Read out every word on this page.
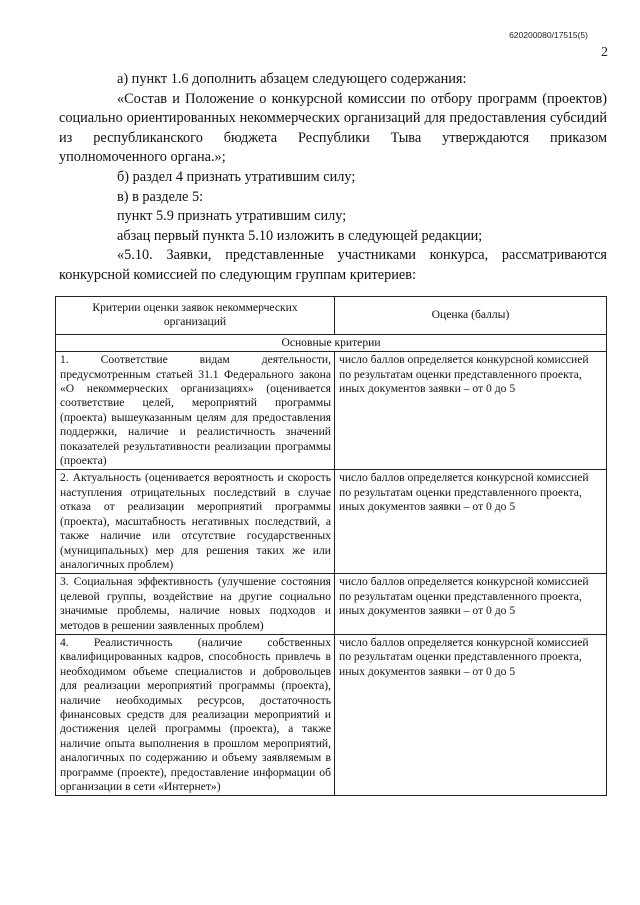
620200080/17515(5)
2

а) пункт 1.6 дополнить абзацем следующего содержания:

«Состав и Положение о конкурсной комиссии по отбору программ (проектов) социально ориентированных некоммерческих организаций для предоставления субсидий из республиканского бюджета Республики Тыва утверждаются приказом уполномоченного органа.»;

б) раздел 4 признать утратившим силу;

в) в разделе 5:

пункт 5.9 признать утратившим силу;

абзац первый пункта 5.10 изложить в следующей редакции;

«5.10. Заявки, представленные участниками конкурса, рассматриваются конкурсной комиссией по следующим группам критериев:

Критерии оценки заявок некоммерческих организаций	Оценка (баллы)
Основные критерии	
1. Соответствие видам деятельности, предусмотренным статьей 31.1 Федерального закона «О некоммерческих организациях» (оценивается соответствие целей, мероприятий программы (проекта) вышеуказанным целям для предоставления поддержки, наличие и реалистичность значений показателей результативности реализации программы (проекта)	число баллов определяется конкурсной комиссией по результатам оценки представленного проекта, иных документов заявки – от 0 до 5
2. Актуальность (оценивается вероятность и скорость наступления отрицательных последствий в случае отказа от реализации мероприятий программы (проекта), масштабность негативных последствий, а также наличие или отсутствие государственных (муниципальных) мер для решения таких же или аналогичных проблем)	число баллов определяется конкурсной комиссией по результатам оценки представленного проекта, иных документов заявки – от 0 до 5
3. Социальная эффективность (улучшение состояния целевой группы, воздействие на другие социально значимые проблемы, наличие новых подходов и методов в решении заявленных проблем)	число баллов определяется конкурсной комиссией по результатам оценки представленного проекта, иных документов заявки – от 0 до 5
4. Реалистичность (наличие собственных квалифицированных кадров, способность привлечь в необходимом объеме специалистов и добровольцев для реализации мероприятий программы (проекта), наличие необходимых ресурсов, достаточность финансовых средств для реализации мероприятий и достижения целей программы (проекта), а также наличие опыта выполнения в прошлом мероприятий, аналогичных по содержанию и объему заявляемым в программе (проекте), предоставление информации об организации в сети «Интернет»)	число баллов определяется конкурсной комиссией по результатам оценки представленного проекта, иных документов заявки – от 0 до 5
